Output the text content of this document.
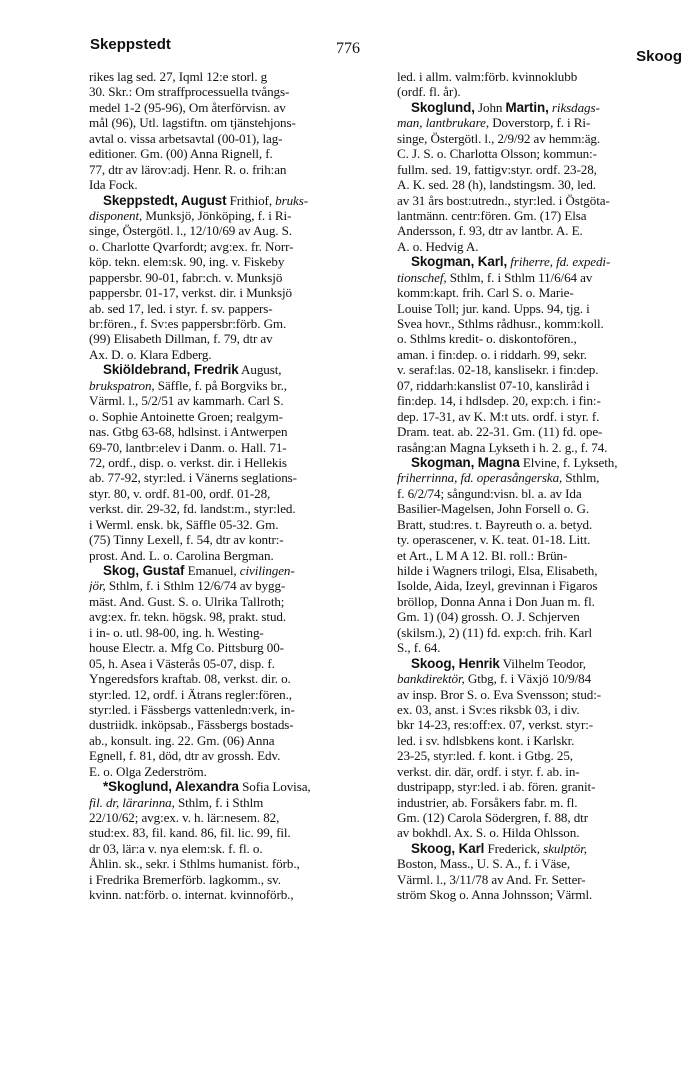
Skeppstedt	776	Skoog
rikes lag sed. 27, Iqml 12:e storl. g
30. Skr.: Om straffprocessuella tvångs-
medel 1-2 (95-96), Om återförvisn. av
mål (96), Utl. lagstiftn. om tjänstehjons-
avtal o. vissa arbetsavtal (00-01), lag-
editioner. Gm. (00) Anna Rignell, f.
77, dtr av lärov:adj. Henr. R. o. frih:an
Ida Fock.
Skeppstedt, August Frithiof, bruks-
disponent, Munksjö, Jönköping, f. i Ri-
singe, Östergötl. l., 12/10/69 av Aug. S.
o. Charlotte Qvarfordt; avg:ex. fr. Norr-
köp. tekn. elem:sk. 90, ing. v. Fiskeby
pappersbr. 90-01, fabr:ch. v. Munksjö
pappersbr. 01-17, verkst. dir. i Munksjö
ab. sed 17, led. i styr. f. sv. pappers-
br:fören., f. Sv:es pappersbr:förb. Gm.
(99) Elisabeth Dillman, f. 79, dtr av
Ax. D. o. Klara Edberg.
Skiöldebrand, Fredrik August,
brukspatron, Säffle, f. på Borgviks br.,
Värml. l., 5/2/51 av kammarh. Carl S.
o. Sophie Antoinette Groen; realgym-
nas. Gtbg 63-68, hdlsinst. i Antwerpen
69-70, lantbr:elev i Danm. o. Hall. 71-
72, ordf., disp. o. verkst. dir. i Hellekis
ab. 77-92, styr:led. i Vänerns seglations-
styr. 80, v. ordf. 81-00, ordf. 01-28,
verkst. dir. 29-32, fd. landst:m., styr:led.
i Werml. ensk. bk, Säffle 05-32. Gm.
(75) Tinny Lexell, f. 54, dtr av kontr:-
prost. And. L. o. Carolina Bergman.
Skog, Gustaf Emanuel, civilingen-
jör, Sthlm, f. i Sthlm 12/6/74 av bygg-
mäst. And. Gust. S. o. Ulrika Tallroth;
avg:ex. fr. tekn. högsk. 98, prakt. stud.
i in- o. utl. 98-00, ing. h. Westing-
house Electr. a. Mfg Co. Pittsburg 00-
05, h. Asea i Västerås 05-07, disp. f.
Yngeredsfors kraftab. 08, verkst. dir. o.
styr:led. 12, ordf. i Ätrans regler:fören.,
styr:led. i Fässbergs vattenledn:verk, in-
dustriidk. inköpsab., Fässbergs bostads-
ab., konsult. ing. 22. Gm. (06) Anna
Egnell, f. 81, död, dtr av grossh. Edv.
E. o. Olga Zederström.
*Skoglund, Alexandra Sofia Lovisa,
fil. dr, lärarinna, Sthlm, f. i Sthlm
22/10/62; avg:ex. v. h. lär:nesem. 82,
stud:ex. 83, fil. kand. 86, fil. lic. 99, fil.
dr 03, lär:a v. nya elem:sk. f. fl. o.
Åhlin. sk., sekr. i Sthlms humanist. förb.,
i Fredrika Bremerförb. lagkomm., sv.
kvinn. nat:förb. o. internat. kvinnoförb.,
led. i allm. valm:förb. kvinnoklubb
(ordf. fl. år).
Skoglund, John Martin, riksdags-
man, lantbrukare, Doverstorp, f. i Ri-
singe, Östergötl. l., 2/9/92 av hemm:äg.
C. J. S. o. Charlotta Olsson; kommun:-
fullm. sed. 19, fattigv:styr. ordf. 23-28,
A. K. sed. 28 (h), landstingsm. 30, led.
av 31 års bost:utredn., styr:led. i Östgöta-
lantmänn. centr:fören. Gm. (17) Elsa
Andersson, f. 93, dtr av lantbr. A. E.
A. o. Hedvig A.
Skogman, Karl, friherre, fd. expedi-
tionschef, Sthlm, f. i Sthlm 11/6/64 av
komm:kapt. frih. Carl S. o. Marie-
Louise Toll; jur. kand. Upps. 94, tjg. i
Svea hovr., Sthlms rådhusr., komm:koll.
o. Sthlms kredit- o. diskontofören.,
aman. i fin:dep. o. i riddarh. 99, sekr.
v. seraf:las. 02-18, kanslisekr. i fin:dep.
07, riddarh:kanslist 07-10, kansliråd i
fin:dep. 14, i hdlsdep. 20, exp:ch. i fin:-
dep. 17-31, av K. M:t uts. ordf. i styr. f.
Dram. teat. ab. 22-31. Gm. (11) fd. ope-
rasång:an Magna Lykseth i h. 2. g., f. 74.
Skogman, Magna Elvine, f. Lykseth,
friherrinna, fd. operasångerska, Sthlm,
f. 6/2/74; sångund:visn. bl. a. av Ida
Basilier-Magelsen, John Forsell o. G.
Bratt, stud:res. t. Bayreuth o. a. betyd.
ty. operascener, v. K. teat. 01-18. Litt.
et Art., L M A 12. Bl. roll.: Brün-
hilde i Wagners trilogi, Elsa, Elisabeth,
Isolde, Aida, Izeyl, grevinnan i Figaros
bröllop, Donna Anna i Don Juan m. fl.
Gm. 1) (04) grossh. O. J. Schjerven
(skilsm.), 2) (11) fd. exp:ch. frih. Karl
S., f. 64.
Skoog, Henrik Vilhelm Teodor,
bankdirektör, Gtbg, f. i Växjö 10/9/84
av insp. Bror S. o. Eva Svensson; stud:-
ex. 03, anst. i Sv:es riksbk 03, i div.
bkr 14-23, res:off:ex. 07, verkst. styr:-
led. i sv. hdlsbkens kont. i Karlskr.
23-25, styr:led. f. kont. i Gtbg. 25,
verkst. dir. där, ordf. i styr. f. ab. in-
dustripapp, styr:led. i ab. fören. granit-
industrier, ab. Forsåkers fabr. m. fl.
Gm. (12) Carola Södergren, f. 88, dtr
av bokhdl. Ax. S. o. Hilda Ohlsson.
Skoog, Karl Frederick, skulptör,
Boston, Mass., U. S. A., f. i Väse,
Värml. l., 3/11/78 av And. Fr. Setter-
ström Skog o. Anna Johnsson; Värml.
